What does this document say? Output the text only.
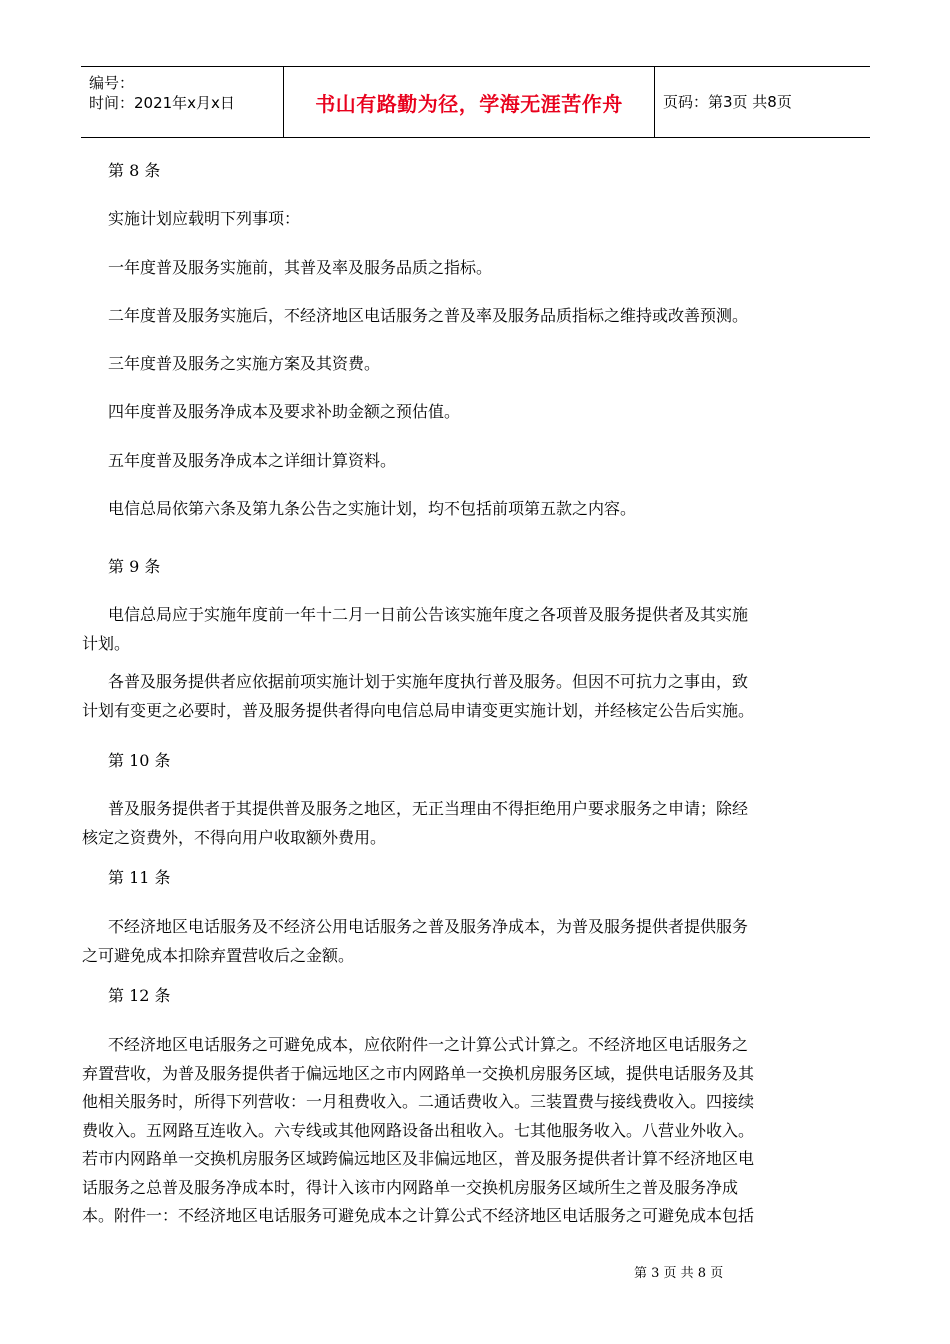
编号：
时间：2021年x月x日	书山有路勤为径，学海无涯苦作舟	页码：第3页 共8页
第 8 条
实施计划应载明下列事项：
一年度普及服务实施前，其普及率及服务品质之指标。
二年度普及服务实施后，不经济地区电话服务之普及率及服务品质指标之维持或改善预测。
三年度普及服务之实施方案及其资费。
四年度普及服务净成本及要求补助金额之预估值。
五年度普及服务净成本之详细计算资料。
电信总局依第六条及第九条公告之实施计划，均不包括前项第五款之内容。
第 9 条
电信总局应于实施年度前一年十二月一日前公告该实施年度之各项普及服务提供者及其实施
计划。
各普及服务提供者应依据前项实施计划于实施年度执行普及服务。但因不可抗力之事由，致
计划有变更之必要时，普及服务提供者得向电信总局申请变更实施计划，并经核定公告后实施。
第 10 条
普及服务提供者于其提供普及服务之地区，无正当理由不得拒绝用户要求服务之申请；除经
核定之资费外，不得向用户收取额外费用。
第 11 条
不经济地区电话服务及不经济公用电话服务之普及服务净成本，为普及服务提供者提供服务
之可避免成本扣除弃置营收后之金额。
第 12 条
不经济地区电话服务之可避免成本，应依附件一之计算公式计算之。不经济地区电话服务之
弃置营收，为普及服务提供者于偏远地区之市内网路单一交换机房服务区域，提供电话服务及其
他相关服务时，所得下列营收：一月租费收入。二通话费收入。三装置费与接线费收入。四接续
费收入。五网路互连收入。六专线或其他网路设备出租收入。七其他服务收入。八营业外收入。
若市内网路单一交换机房服务区域跨偏远地区及非偏远地区，普及服务提供者计算不经济地区电
话服务之总普及服务净成本时，得计入该市内网路单一交换机房服务区域所生之普及服务净成
本。附件一：不经济地区电话服务可避免成本之计算公式不经济地区电话服务之可避免成本包括
第 3 页 共 8 页
